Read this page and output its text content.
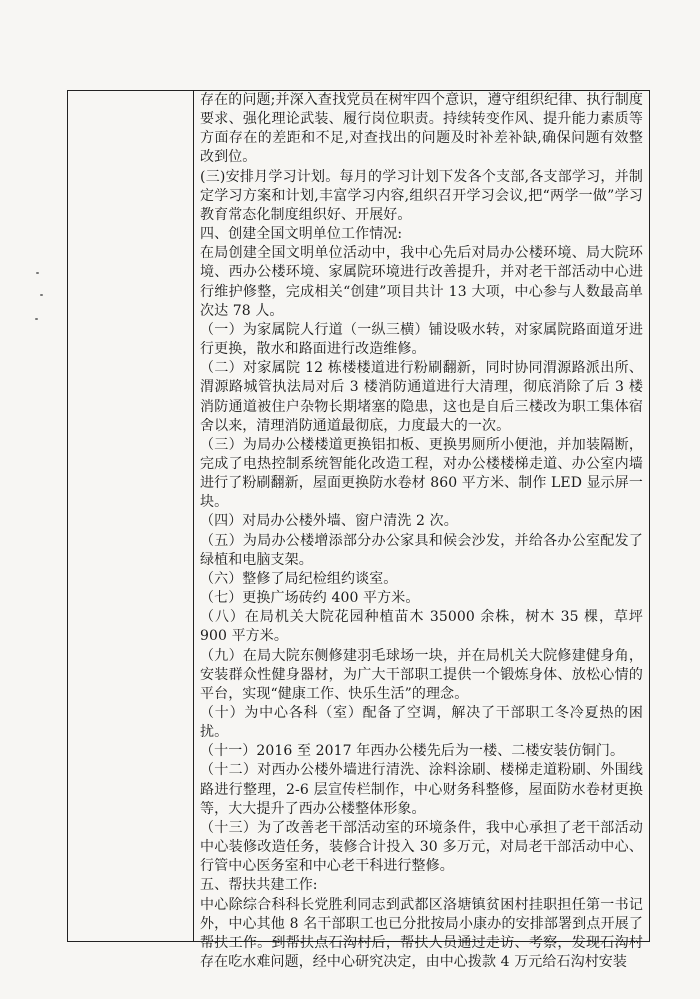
存在的问题;并深入查找党员在树牢四个意识，遵守组织纪律、执行制度要求、强化理论武装、履行岗位职责。持续转变作风、提升能力素质等方面存在的差距和不足,对查找出的问题及时补差补缺,确保问题有效整改到位。

(三)安排月学习计划。每月的学习计划下发各个支部,各支部学习，并制定学习方案和计划,丰富学习内容,组织召开学习会议,把“两学一做”学习教育常态化制度组织好、开展好。

四、创建全国文明单位工作情况:

在局创建全国文明单位活动中，我中心先后对局办公楼环境、局大院环境、西办公楼环境、家属院环境进行改善提升，并对老干部活动中心进行维护修整，完成相关“创建”项目共计 13 大项，中心参与人数最高单次达 78 人。

（一）为家属院人行道（一纵三横）铺设吸水转，对家属院路面道牙进行更换，散水和路面进行改造维修。

（二）对家属院 12 栋楼楼道进行粉刷翻新，同时协同渭源路派出所、渭源路城管执法局对后 3 楼消防通道进行大清理，彻底消除了后 3 楼消防通道被住户杂物长期堵塞的隐患，这也是自后三楼改为职工集体宿舍以来，清理消防通道最彻底，力度最大的一次。

（三）为局办公楼楼道更换铝扣板、更换男厕所小便池，并加装隔断，完成了电热控制系统智能化改造工程，对办公楼楼梯走道、办公室内墙进行了粉刷翻新，屋面更换防水卷材 860 平方米、制作 LED 显示屏一块。

（四）对局办公楼外墙、窗户清洗 2 次。

（五）为局办公楼增添部分办公家具和候会沙发，并给各办公室配发了绿植和电脑支架。

（六）整修了局纪检组约谈室。

（七）更换广场砖约 400 平方米。

（八）在局机关大院花园种植苗木 35000 余株，树木 35 棵，草坪 900 平方米。

（九）在局大院东侧修建羽毛球场一块，并在局机关大院修建健身角，安装群众性健身器材，为广大干部职工提供一个锻炼身体、放松心情的平台，实现“健康工作、快乐生活”的理念。

（十）为中心各科（室）配备了空调，解决了干部职工冬冷夏热的困扰。

（十一）2016 至 2017 年西办公楼先后为一楼、二楼安装仿铜门。

（十二）对西办公楼外墙进行清洗、涂料涂刷、楼梯走道粉刷、外围线路进行整理，2-6 层宣传栏制作，中心财务科整修，屋面防水卷材更换等，大大提升了西办公楼整体形象。

（十三）为了改善老干部活动室的环境条件，我中心承担了老干部活动中心装修改造任务，装修合计投入 30 多万元，对局老干部活动中心、行管中心医务室和中心老干科进行整修。

五、帮扶共建工作:

中心除综合科科长党胜利同志到武都区洛塘镇贫困村挂职担任第一书记外，中心其他 8 名干部职工也已分批按局小康办的安排部署到点开展了帮扶工作。到帮扶点石沟村后，帮扶人员通过走访、考察，发现石沟村存在吃水难问题，经中心研究决定，由中心拨款 4 万元给石沟村安装
